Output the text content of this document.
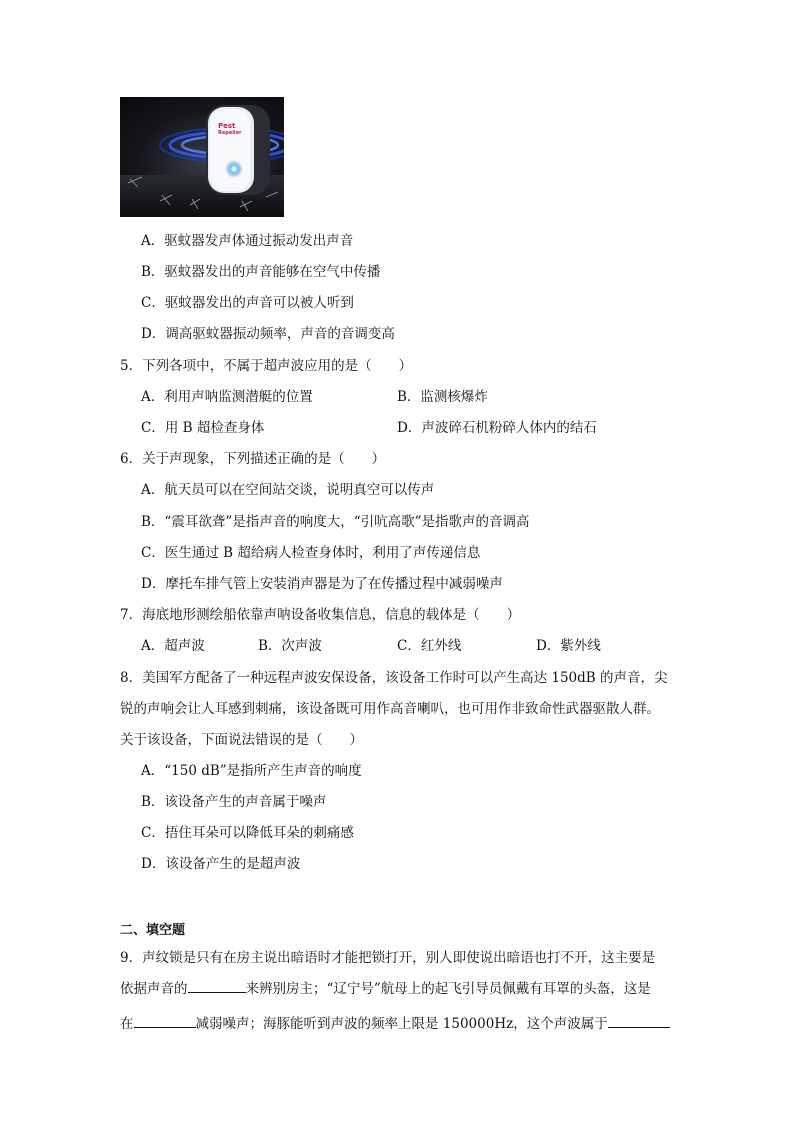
Pest
Repeller
A．驱蚊器发声体通过振动发出声音
B．驱蚊器发出的声音能够在空气中传播
C．驱蚊器发出的声音可以被人听到
D．调高驱蚊器振动频率，声音的音调变高
5．下列各项中，不属于超声波应用的是（　　）
A．利用声呐监测潜艇的位置	B．监测核爆炸
C．用 B 超检查身体	D．声波碎石机粉碎人体内的结石
6．关于声现象，下列描述正确的是（　　）
A．航天员可以在空间站交谈，说明真空可以传声
B．“震耳欲聋”是指声音的响度大，“引吭高歌”是指歌声的音调高
C．医生通过 B 超给病人检查身体时，利用了声传递信息
D．摩托车排气管上安装消声器是为了在传播过程中减弱噪声
7．海底地形测绘船依靠声呐设备收集信息，信息的载体是（　　）
A．超声波	B．次声波	C．红外线	D．紫外线
8．美国军方配备了一种远程声波安保设备，该设备工作时可以产生高达 150dB 的声音，尖
锐的声响会让人耳感到刺痛，该设备既可用作高音喇叭，也可用作非致命性武器驱散人群。
关于该设备，下面说法错误的是（　　）
A．“150 dB”是指所产生声音的响度
B．该设备产生的声音属于噪声
C．捂住耳朵可以降低耳朵的刺痛感
D．该设备产生的是超声波
二、填空题
9．声纹锁是只有在房主说出暗语时才能把锁打开，别人即使说出暗语也打不开，这主要是
依据声音的	来辨别房主；“辽宁号”航母上的起飞引导员佩戴有耳罩的头盔，这是
在	减弱噪声；海豚能听到声波的频率上限是 150000Hz，这个声波属于
